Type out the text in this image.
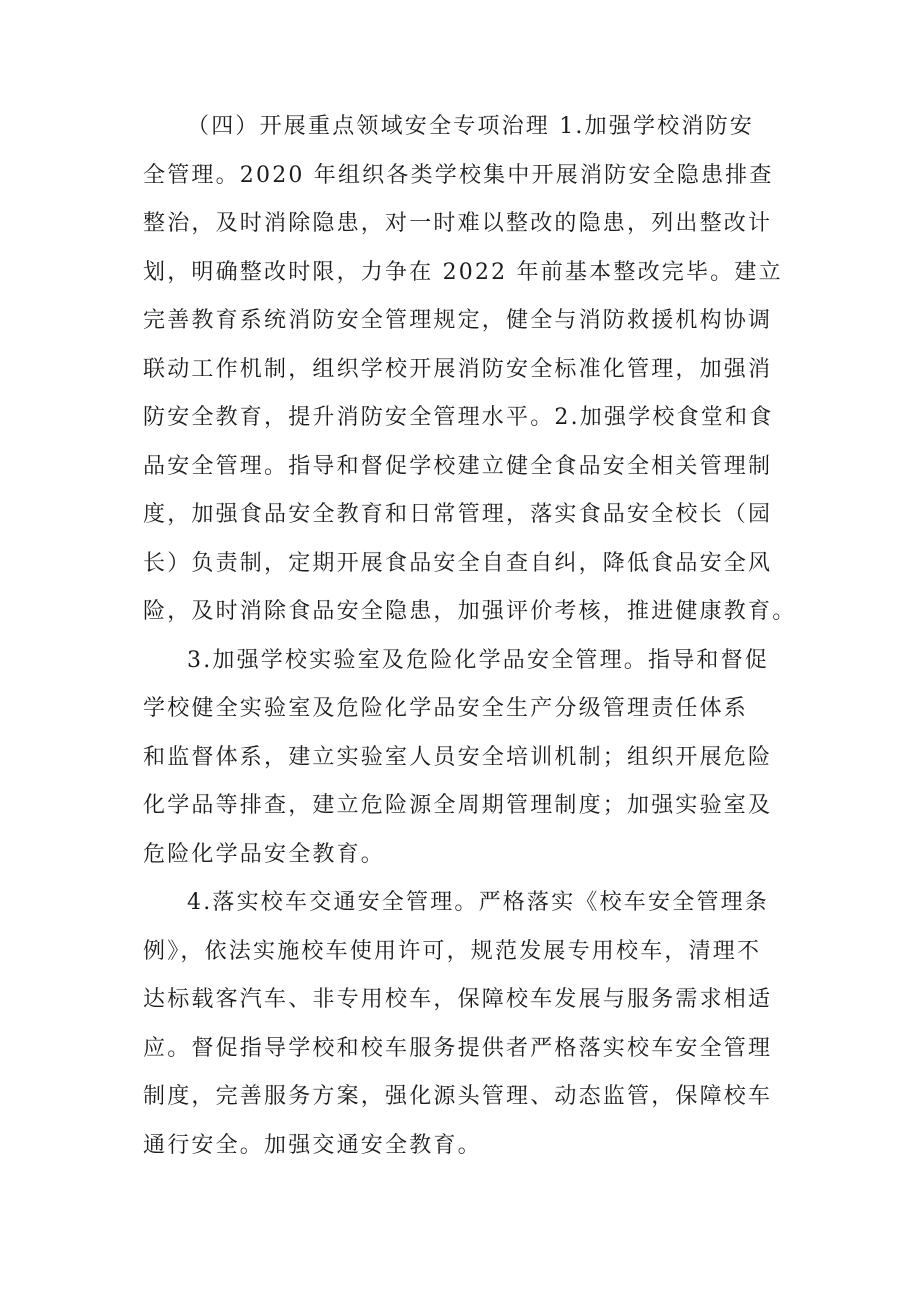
（四）开展重点领域安全专项治理 1.加强学校消防安
全管理。2020 年组织各类学校集中开展消防安全隐患排查
整治，及时消除隐患，对一时难以整改的隐患，列出整改计
划，明确整改时限，力争在 2022 年前基本整改完毕。建立
完善教育系统消防安全管理规定，健全与消防救援机构协调
联动工作机制，组织学校开展消防安全标准化管理，加强消
防安全教育，提升消防安全管理水平。2.加强学校食堂和食
品安全管理。指导和督促学校建立健全食品安全相关管理制
度，加强食品安全教育和日常管理，落实食品安全校长（园
长）负责制，定期开展食品安全自查自纠，降低食品安全风
险，及时消除食品安全隐患，加强评价考核，推进健康教育。
3.加强学校实验室及危险化学品安全管理。指导和督促
学校健全实验室及危险化学品安全生产分级管理责任体系
和监督体系，建立实验室人员安全培训机制；组织开展危险
化学品等排查，建立危险源全周期管理制度；加强实验室及
危险化学品安全教育。
4.落实校车交通安全管理。严格落实《校车安全管理条
例》，依法实施校车使用许可，规范发展专用校车，清理不
达标载客汽车、非专用校车，保障校车发展与服务需求相适
应。督促指导学校和校车服务提供者严格落实校车安全管理
制度，完善服务方案，强化源头管理、动态监管，保障校车
通行安全。加强交通安全教育。
